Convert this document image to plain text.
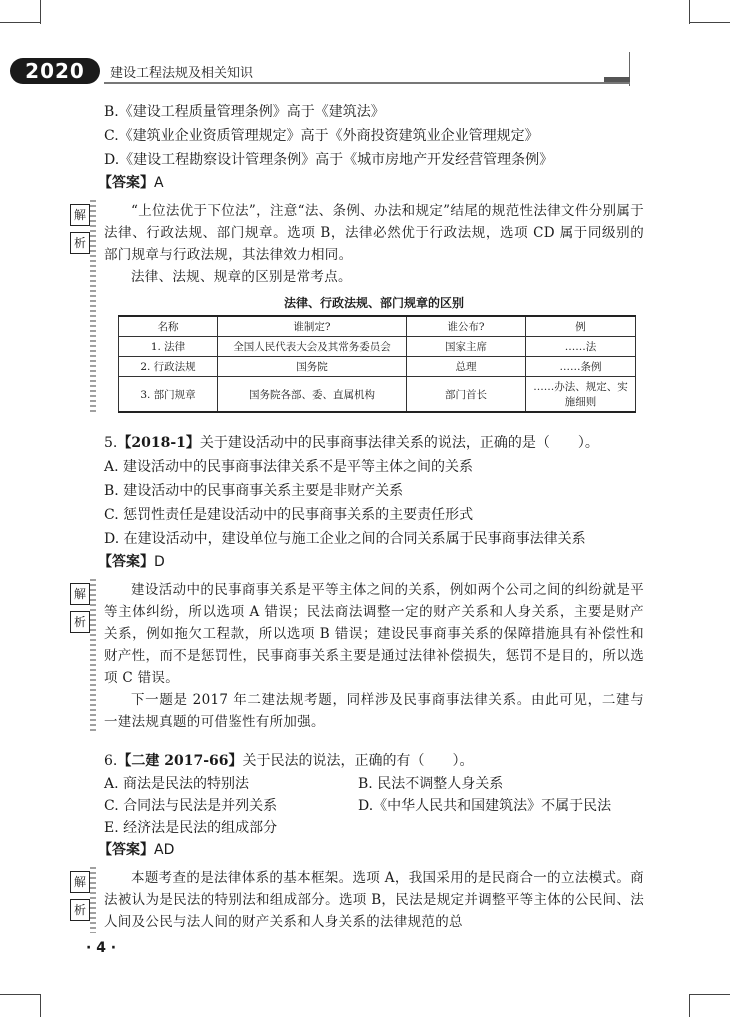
2020	建设工程法规及相关知识

B.《建设工程质量管理条例》高于《建筑法》

C.《建筑业企业资质管理规定》高于《外商投资建筑业企业管理规定》

D.《建设工程勘察设计管理条例》高于《城市房地产开发经营管理条例》

【答案】A
解
析

“上位法优于下位法”，注意“法、条例、办法和规定”结尾的规范性法律文件分别属于法律、行政法规、部门规章。选项 B，法律必然优于行政法规，选项 CD 属于同级别的部门规章与行政法规，其法律效力相同。

法律、法规、规章的区别是常考点。

法律、行政法规、部门规章的区别
名称	谁制定?	谁公布?	例
1. 法律	全国人民代表大会及其常务委员会	国家主席	……法
2. 行政法规	国务院	总理	……条例
3. 部门规章	国务院各部、委、直属机构	部门首长	……办法、规定、实施细则
5.【2018-1】关于建设活动中的民事商事法律关系的说法，正确的是（　　）。

A. 建设活动中的民事商事法律关系不是平等主体之间的关系

B. 建设活动中的民事商事关系主要是非财产关系

C. 惩罚性责任是建设活动中的民事商事关系的主要责任形式

D. 在建设活动中，建设单位与施工企业之间的合同关系属于民事商事法律关系

【答案】D
解
析

建设活动中的民事商事关系是平等主体之间的关系，例如两个公司之间的纠纷就是平等主体纠纷，所以选项 A 错误；民法商法调整一定的财产关系和人身关系，主要是财产关系，例如拖欠工程款，所以选项 B 错误；建设民事商事关系的保障措施具有补偿性和财产性，而不是惩罚性，民事商事关系主要是通过法律补偿损失，惩罚不是目的，所以选项 C 错误。

下一题是 2017 年二建法规考题，同样涉及民事商事法律关系。由此可见，二建与一建法规真题的可借鉴性有所加强。

6.【二建 2017-66】关于民法的说法，正确的有（　　）。
A. 商法是民法的特别法	B. 民法不调整人身关系
C. 合同法与民法是并列关系	D.《中华人民共和国建筑法》不属于民法
E. 经济法是民法的组成部分
【答案】AD
解
析

本题考查的是法律体系的基本框架。选项 A，我国采用的是民商合一的立法模式。商法被认为是民法的特别法和组成部分。选项 B，民法是规定并调整平等主体的公民间、法人间及公民与法人间的财产关系和人身关系的法律规范的总

· 4 ·
